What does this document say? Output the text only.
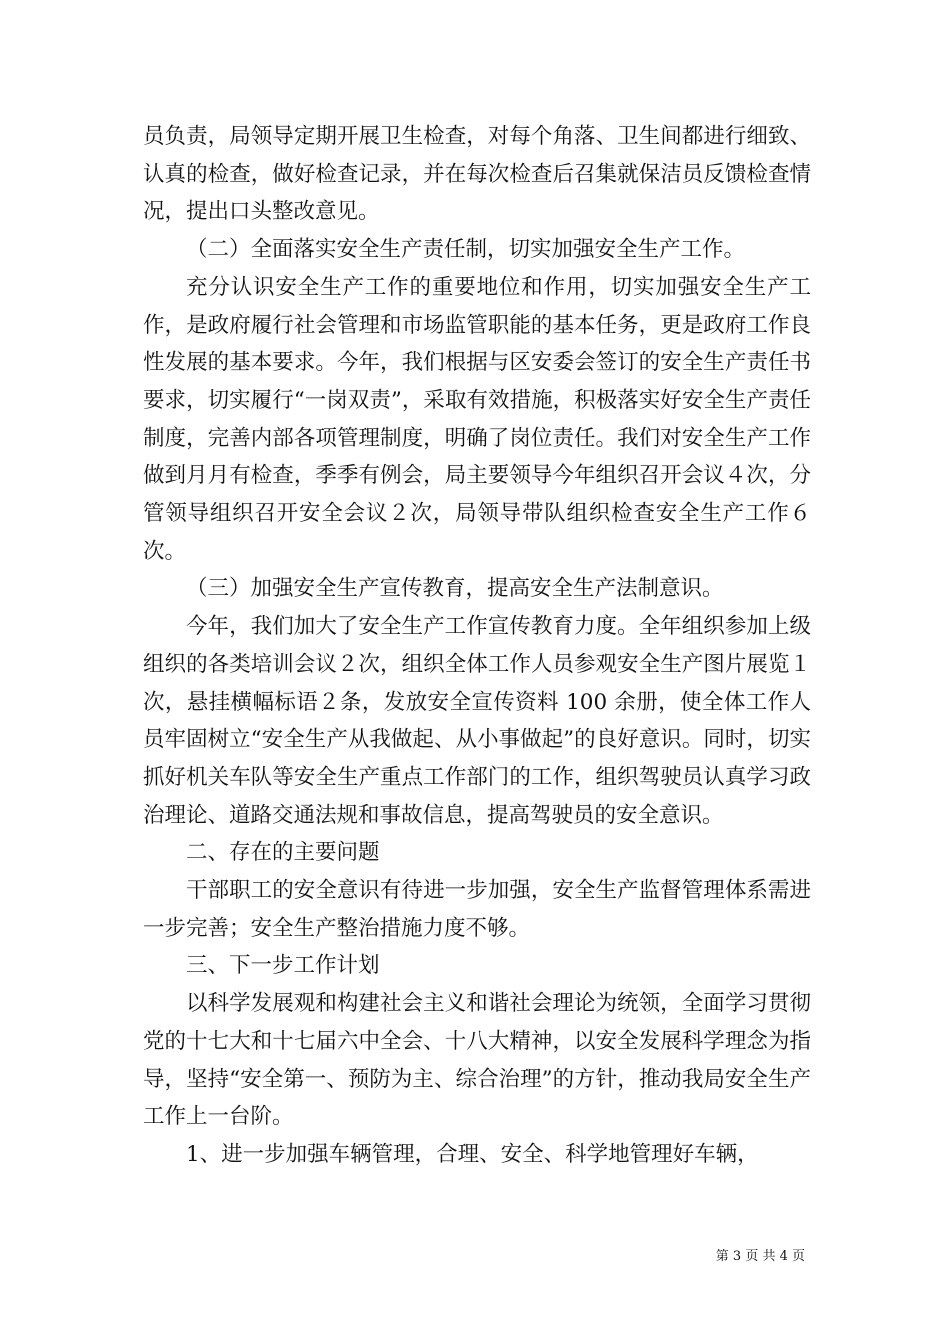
员负责，局领导定期开展卫生检查，对每个角落、卫生间都进行细致、认真的检查，做好检查记录，并在每次检查后召集就保洁员反馈检查情况，提出口头整改意见。

（二）全面落实安全生产责任制，切实加强安全生产工作。

充分认识安全生产工作的重要地位和作用，切实加强安全生产工作，是政府履行社会管理和市场监管职能的基本任务，更是政府工作良性发展的基本要求。今年，我们根据与区安委会签订的安全生产责任书要求，切实履行“一岗双责”，采取有效措施，积极落实好安全生产责任制度，完善内部各项管理制度，明确了岗位责任。我们对安全生产工作做到月月有检查，季季有例会，局主要领导今年组织召开会议４次，分管领导组织召开安全会议２次，局领导带队组织检查安全生产工作６次。

（三）加强安全生产宣传教育，提高安全生产法制意识。

今年，我们加大了安全生产工作宣传教育力度。全年组织参加上级组织的各类培训会议２次，组织全体工作人员参观安全生产图片展览１次，悬挂横幅标语２条，发放安全宣传资料 100 余册，使全体工作人员牢固树立“安全生产从我做起、从小事做起”的良好意识。同时，切实抓好机关车队等安全生产重点工作部门的工作，组织驾驶员认真学习政治理论、道路交通法规和事故信息，提高驾驶员的安全意识。

二、存在的主要问题

干部职工的安全意识有待进一步加强，安全生产监督管理体系需进一步完善；安全生产整治措施力度不够。

三、下一步工作计划

以科学发展观和构建社会主义和谐社会理论为统领，全面学习贯彻党的十七大和十七届六中全会、十八大精神，以安全发展科学理念为指导，坚持“安全第一、预防为主、综合治理”的方针，推动我局安全生产工作上一台阶。

1、进一步加强车辆管理，合理、安全、科学地管理好车辆，

第 3 页 共 4 页
